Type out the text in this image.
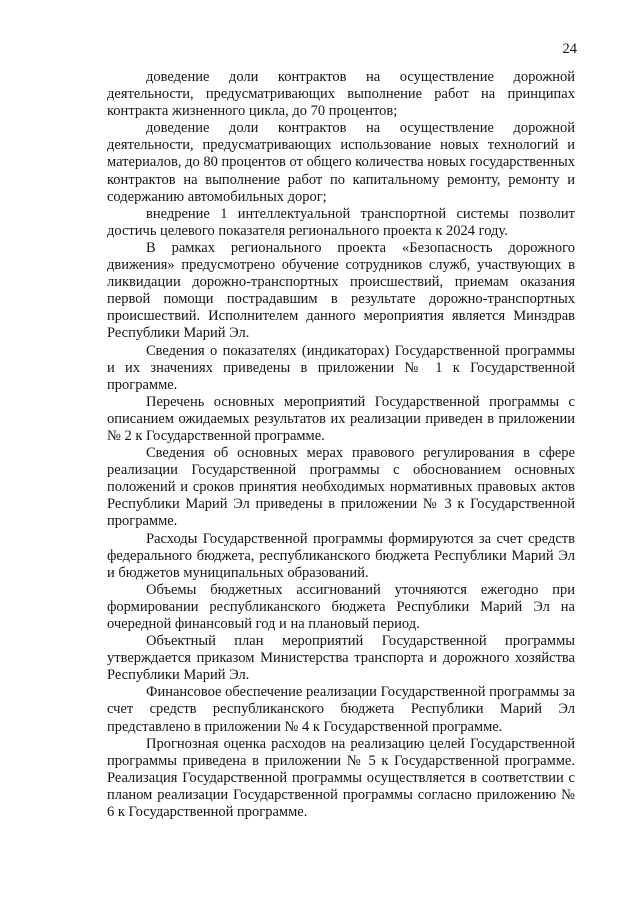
24

доведение доли контрактов на осуществление дорожной деятельности, предусматривающих выполнение работ на принципах контракта жизненного цикла, до 70 процентов;

доведение доли контрактов на осуществление дорожной деятельности, предусматривающих использование новых технологий и материалов, до 80 процентов от общего количества новых государственных контрактов на выполнение работ по капитальному ремонту, ремонту и содержанию автомобильных дорог;

внедрение 1 интеллектуальной транспортной системы позволит достичь целевого показателя регионального проекта к 2024 году.

В рамках регионального проекта «Безопасность дорожного движения» предусмотрено обучение сотрудников служб, участвующих в ликвидации дорожно-транспортных происшествий, приемам оказания первой помощи пострадавшим в результате дорожно-транспортных происшествий. Исполнителем данного мероприятия является Минздрав Республики Марий Эл.

Сведения о показателях (индикаторах) Государственной программы и их значениях приведены в приложении № 1 к Государственной программе.

Перечень основных мероприятий Государственной программы с описанием ожидаемых результатов их реализации приведен в приложении № 2 к Государственной программе.

Сведения об основных мерах правового регулирования в сфере реализации Государственной программы с обоснованием основных положений и сроков принятия необходимых нормативных правовых актов Республики Марий Эл приведены в приложении № 3 к Государственной программе.

Расходы Государственной программы формируются за счет средств федерального бюджета, республиканского бюджета Республики Марий Эл и бюджетов муниципальных образований.

Объемы бюджетных ассигнований уточняются ежегодно при формировании республиканского бюджета Республики Марий Эл на очередной финансовый год и на плановый период.

Объектный план мероприятий Государственной программы утверждается приказом Министерства транспорта и дорожного хозяйства Республики Марий Эл.

Финансовое обеспечение реализации Государственной программы за счет средств республиканского бюджета Республики Марий Эл представлено в приложении № 4 к Государственной программе.

Прогнозная оценка расходов на реализацию целей Государственной программы приведена в приложении № 5 к Государственной программе. Реализация Государственной программы осуществляется в соответствии с планом реализации Государственной программы согласно приложению № 6 к Государственной программе.
